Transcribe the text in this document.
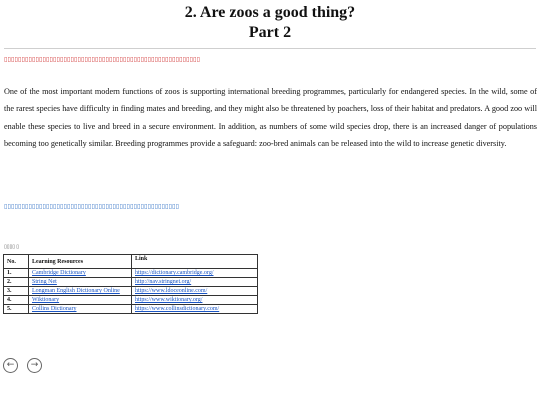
2. Are zoos a good thing?
Part 2
▯▯▯▯▯▯▯▯▯▯▯▯▯▯▯▯▯▯▯▯▯▯▯▯▯▯▯▯▯▯▯▯▯▯▯▯▯▯▯▯▯▯▯▯▯▯▯▯▯▯▯▯▯▯▯▯
One of the most important modern functions of zoos is supporting international breeding programmes, particularly for endangered species. In the wild, some of the rarest species have difficulty in finding mates and breeding, and they might also be threatened by poachers, loss of their habitat and predators. A good zoo will enable these species to live and breed in a secure environment. In addition, as numbers of some wild species drop, there is an increased danger of populations becoming too genetically similar. Breeding programmes provide a safeguard: zoo-bred animals can be released into the wild to increase genetic diversity.
▯▯▯▯▯▯▯▯▯▯▯▯▯▯▯▯▯▯▯▯▯▯▯▯▯▯▯▯▯▯▯▯▯▯▯▯▯▯▯▯▯▯▯▯▯▯▯▯▯▯
▯▯▯▯ ▯
No.	Learning Resources	Link
1.	Cambridge Dictionary	https://dictionary.cambridge.org/
2.	String Net	http://nav.stringnet.org/
3.	Longman English Dictionary Online	https://www.ldoceonline.com/
4.	Wiktionary	https://www.wiktionary.org/
5.	Collins Dictionary	https://www.collinsdictionary.com/
← →
